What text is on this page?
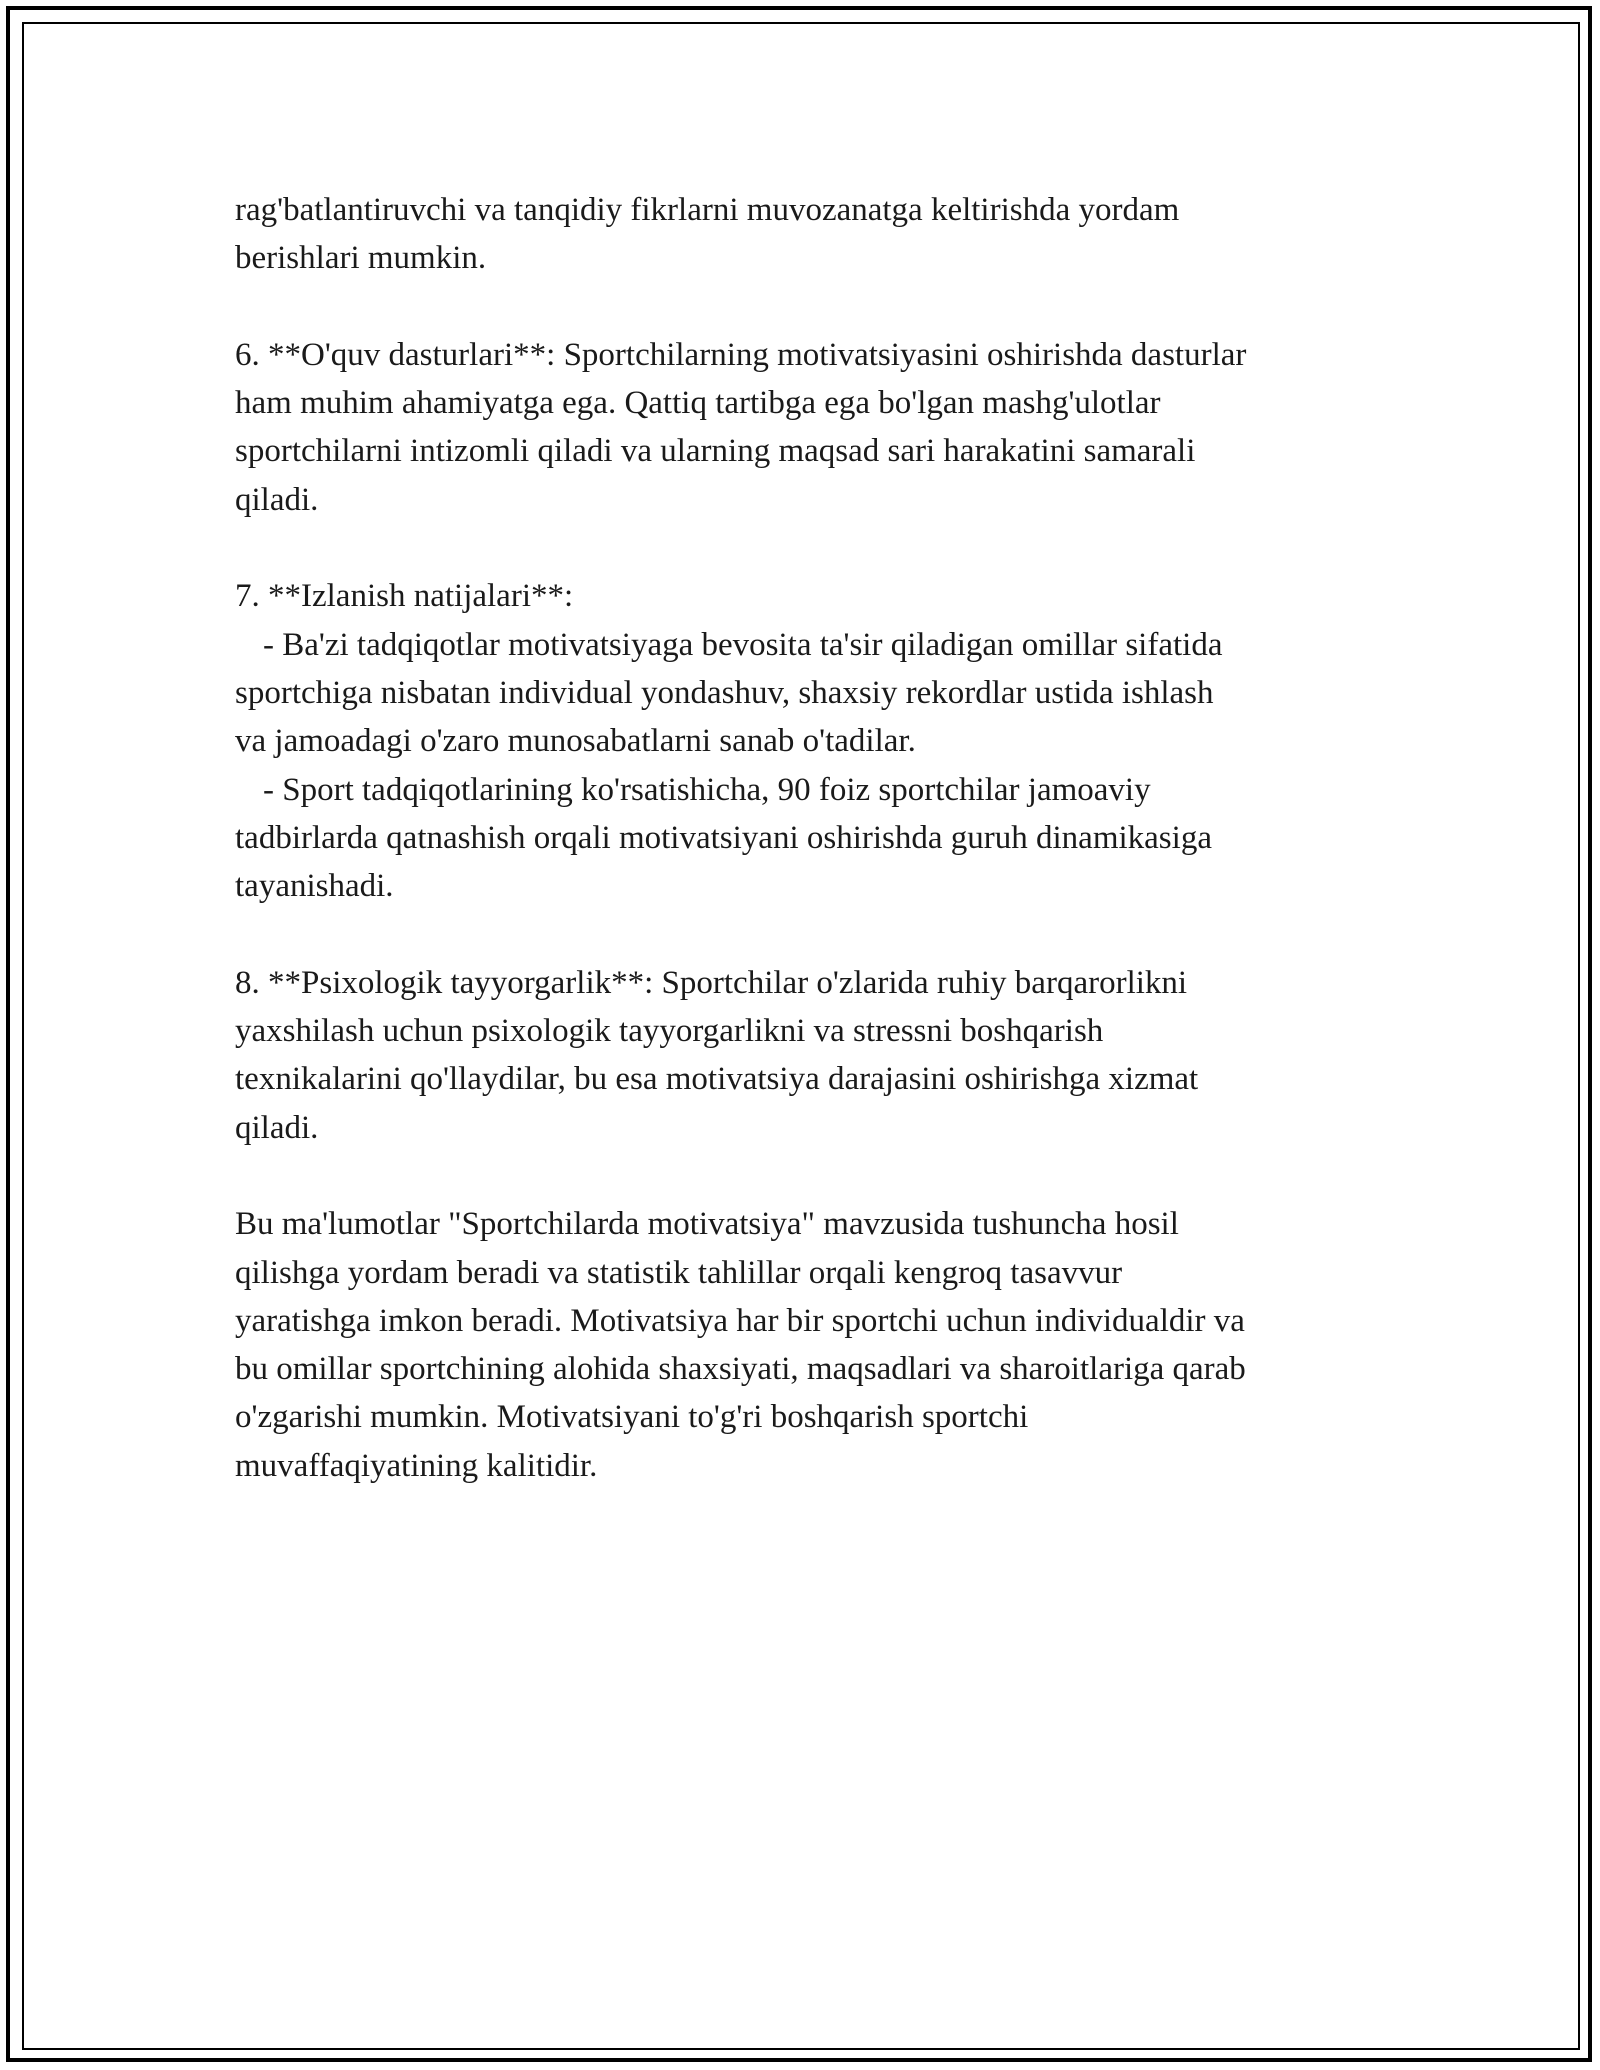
rag'batlantiruvchi va tanqidiy fikrlarni muvozanatga keltirishda yordam
berishlari mumkin.

6. **O'quv dasturlari**: Sportchilarning motivatsiyasini oshirishda dasturlar
ham muhim ahamiyatga ega. Qattiq tartibga ega bo'lgan mashg'ulotlar
sportchilarni intizomli qiladi va ularning maqsad sari harakatini samarali
qiladi.

7. **Izlanish natijalari**:
- Ba'zi tadqiqotlar motivatsiyaga bevosita ta'sir qiladigan omillar sifatida
sportchiga nisbatan individual yondashuv, shaxsiy rekordlar ustida ishlash
va jamoadagi o'zaro munosabatlarni sanab o'tadilar.
- Sport tadqiqotlarining ko'rsatishicha, 90 foiz sportchilar jamoaviy
tadbirlarda qatnashish orqali motivatsiyani oshirishda guruh dinamikasiga
tayanishadi.

8. **Psixologik tayyorgarlik**: Sportchilar o'zlarida ruhiy barqarorlikni
yaxshilash uchun psixologik tayyorgarlikni va stressni boshqarish
texnikalarini qo'llaydilar, bu esa motivatsiya darajasini oshirishga xizmat
qiladi.

Bu ma'lumotlar "Sportchilarda motivatsiya" mavzusida tushuncha hosil
qilishga yordam beradi va statistik tahlillar orqali kengroq tasavvur
yaratishga imkon beradi. Motivatsiya har bir sportchi uchun individualdir va
bu omillar sportchining alohida shaxsiyati, maqsadlari va sharoitlariga qarab
o'zgarishi mumkin. Motivatsiyani to'g'ri boshqarish sportchi
muvaffaqiyatining kalitidir.
